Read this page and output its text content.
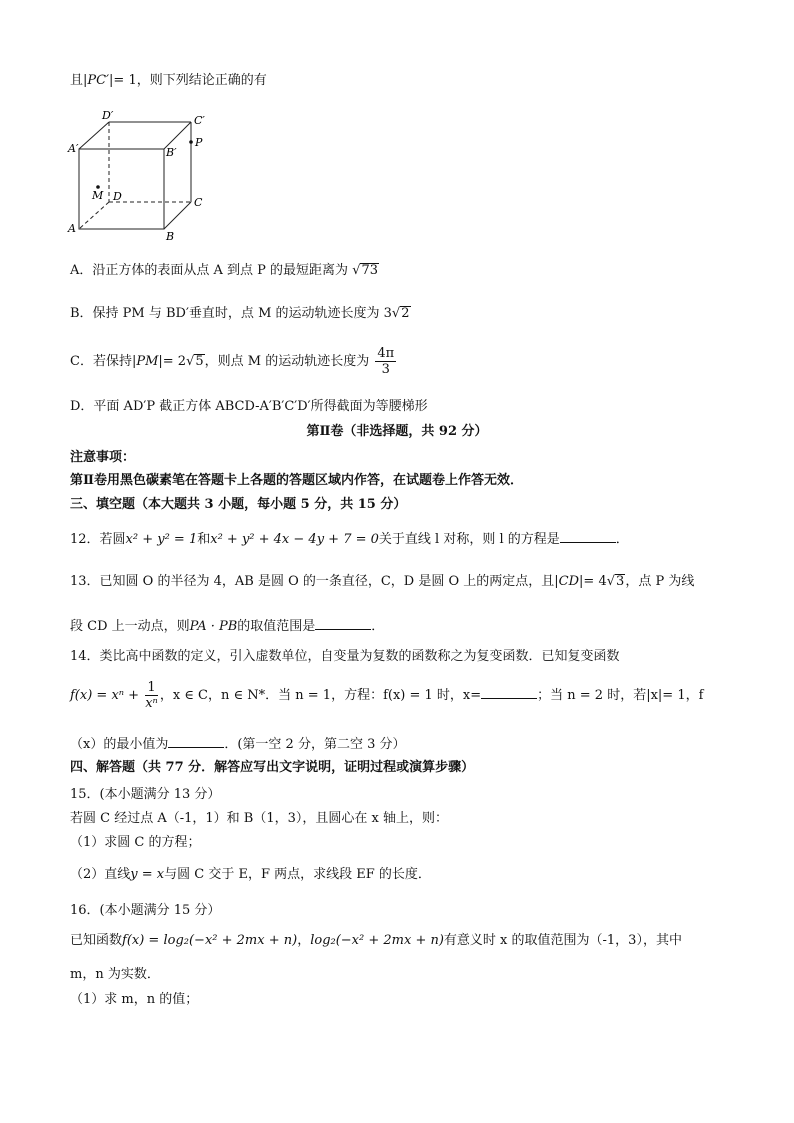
且|PC′|= 1，则下列结论正确的有
D′	C′
A′	B′
P
M D	C
A
B
A．沿正方体的表面从点 A 到点 P 的最短距离为 √73
B．保持 PM 与 BD′垂直时，点 M 的运动轨迹长度为 3√2
C．若保持|PM|= 2√5，则点 M 的运动轨迹长度为 $\frac{4\pi}{3}$
D．平面 AD′P 截正方体 ABCD-A′B′C′D′所得截面为等腰梯形
第Ⅱ卷（非选择题，共 92 分）
注意事项：
第Ⅱ卷用黑色碳素笔在答题卡上各题的答题区域内作答，在试题卷上作答无效．
三、填空题（本大题共 3 小题，每小题 5 分，共 15 分）
12．若圆x² + y² = 1和x² + y² + 4x − 4y + 7 = 0关于直线 l 对称，则 l 的方程是	．
13．已知圆 O 的半径为 4，AB 是圆 O 的一条直径，C，D 是圆 O 上的两定点，且|CD|= 4√3，点 P 为线
段 CD 上一动点，则PA · PB的取值范围是	．
14．类比高中函数的定义，引入虚数单位，自变量为复数的函数称之为复变函数．已知复变函数
$f(x) = x^n + \frac{1}{\text{xⁿ}}$ ，x ∈ C，n ∈ N*．当 n = 1，方程：f(x) = 1 时，x=	；当 n = 2 时，若|x|= 1，f
（x）的最小值为	．(第一空 2 分，第二空 3 分）
四、解答题（共 77 分．解答应写出文字说明，证明过程或演算步骤）
15．(本小题满分 13 分）
若圆 C 经过点 A（-1，1）和 B（1，3），且圆心在 x 轴上，则：
（1）求圆 C 的方程；
（2）直线y = x与圆 C 交于 E，F 两点，求线段 EF 的长度．
16．(本小题满分 15 分）
已知函数f(x) = log₂(−x² + 2mx + n)，log₂(−x² + 2mx + n)有意义时 x 的取值范围为（-1，3），其中
m，n 为实数．
（1）求 m，n 的值；
